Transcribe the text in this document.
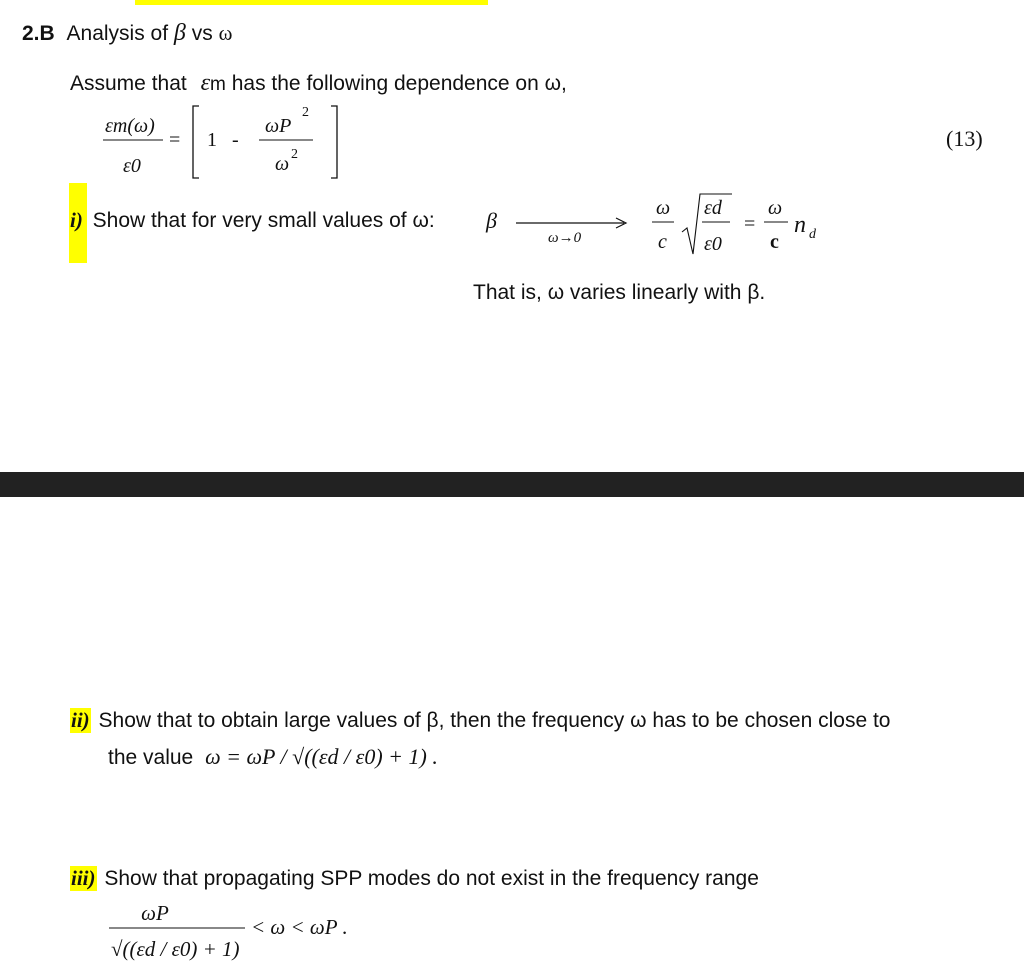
2.B Analysis of β vs ω
Assume that εm has the following dependence on ω,
εm(ω)
ε0
= 1 -
ωP
2
ω 2
(13)
i) Show that for very small values of ω: β
ω→0
ω
c
εd
ε0
=
ω
c
n d
That is, ω varies linearly with β.
ii) Show that to obtain large values of β, then the frequency ω has to be chosen close to
the value ω = ωP / √((εd / ε0) + 1) .
iii) Show that propagating SPP modes do not exist in the frequency range
ωP
√((εd / ε0) + 1)
< ω < ωP .
